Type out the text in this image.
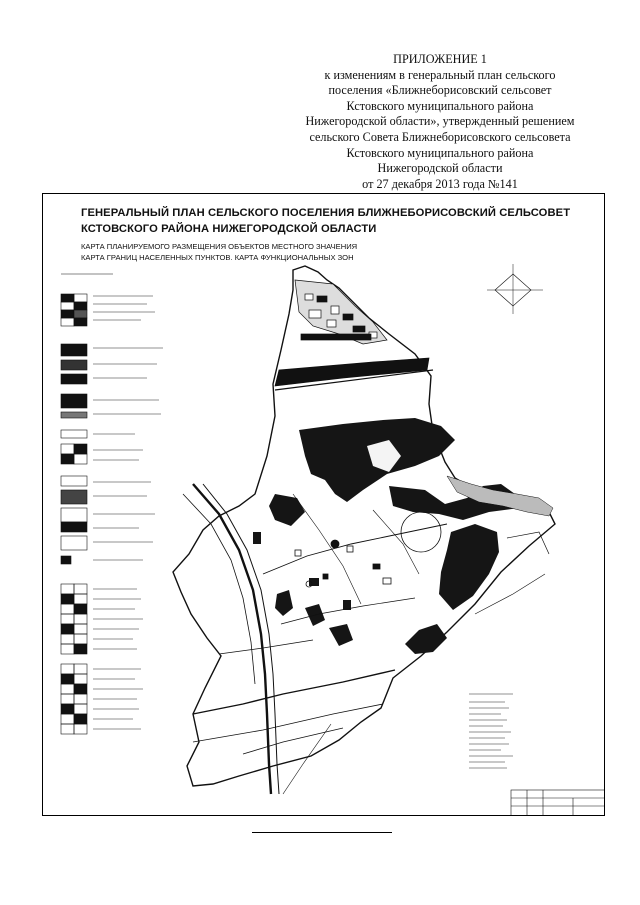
ПРИЛОЖЕНИЕ 1
к изменениям в генеральный план сельского
поселения «Ближнеборисовский сельсовет
Кстовского муниципального района
Нижегородской области», утвержденный решением
сельского Совета Ближнеборисовского сельсовета
Кстовского муниципального района
Нижегородской области
от 27 декабря 2013 года №141
ГЕНЕРАЛЬНЫЙ ПЛАН СЕЛЬСКОГО ПОСЕЛЕНИЯ БЛИЖНЕБОРИСОВСКИЙ СЕЛЬСОВЕТ
КСТОВСКОГО РАЙОНА НИЖЕГОРОДСКОЙ ОБЛАСТИ
КАРТА ПЛАНИРУЕМОГО РАЗМЕЩЕНИЯ ОБЪЕКТОВ МЕСТНОГО ЗНАЧЕНИЯ
КАРТА ГРАНИЦ НАСЕЛЕННЫХ ПУНКТОВ. КАРТА ФУНКЦИОНАЛЬНЫХ ЗОН
